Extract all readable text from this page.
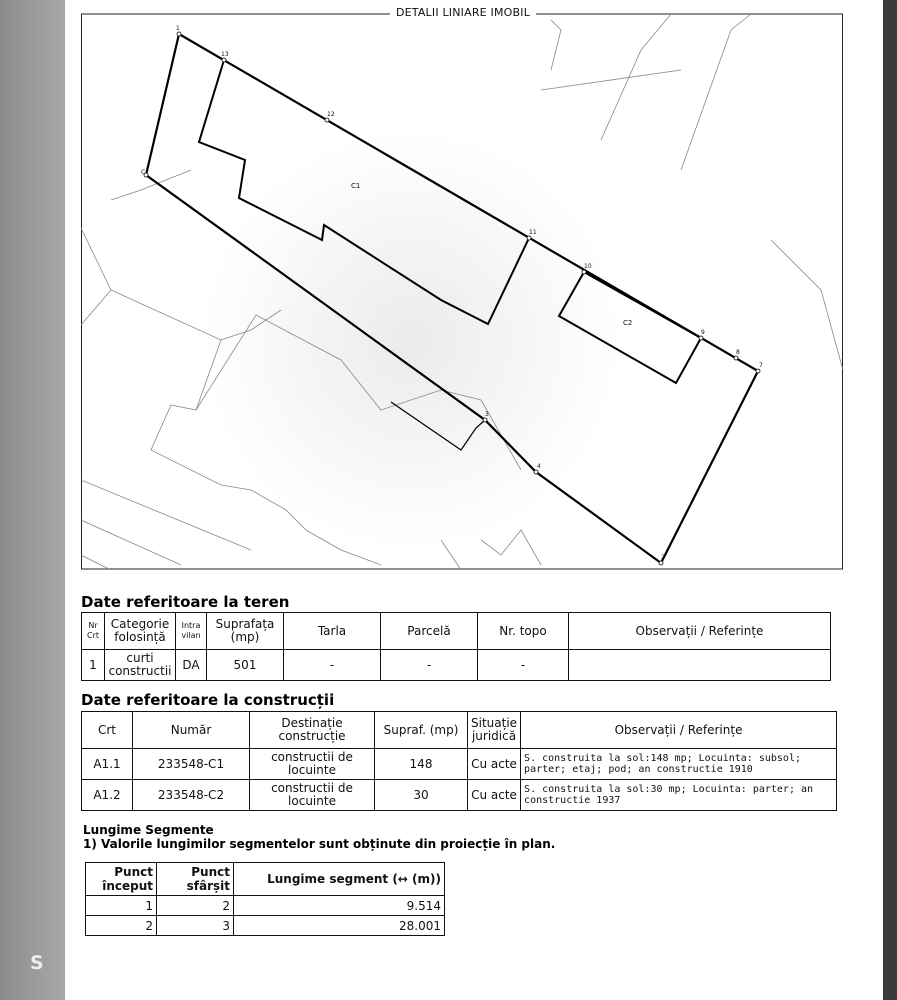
S
1
13
12
C
11
10
9
8
7
3
4
2
C1
C2
DETALII LINIARE IMOBIL
Date referitoare la teren
Nr Crt	Categorie folosință	Intra vilan	Suprafața (mp)	Tarla	Parcelă	Nr. topo	Observații / Referințe
1	curti constructii	DA	501	-	-	-	
Date referitoare la construcții
Crt	Număr	Destinație construcție	Supraf. (mp)	Situație juridică	Observații / Referințe
A1.1	233548-C1	constructii de locuinte	148	Cu acte	S. construita la sol:148 mp; Locuinta: subsol; parter; etaj; pod; an constructie 1910
A1.2	233548-C2	constructii de locuinte	30	Cu acte	S. construita la sol:30 mp; Locuinta: parter; an constructie 1937
Lungime Segmente
1) Valorile lungimilor segmentelor sunt obținute din proiecție în plan.
Punct început	Punct sfârșit	Lungime segment (↔ (m))
1	2	9.514
2	3	28.001
